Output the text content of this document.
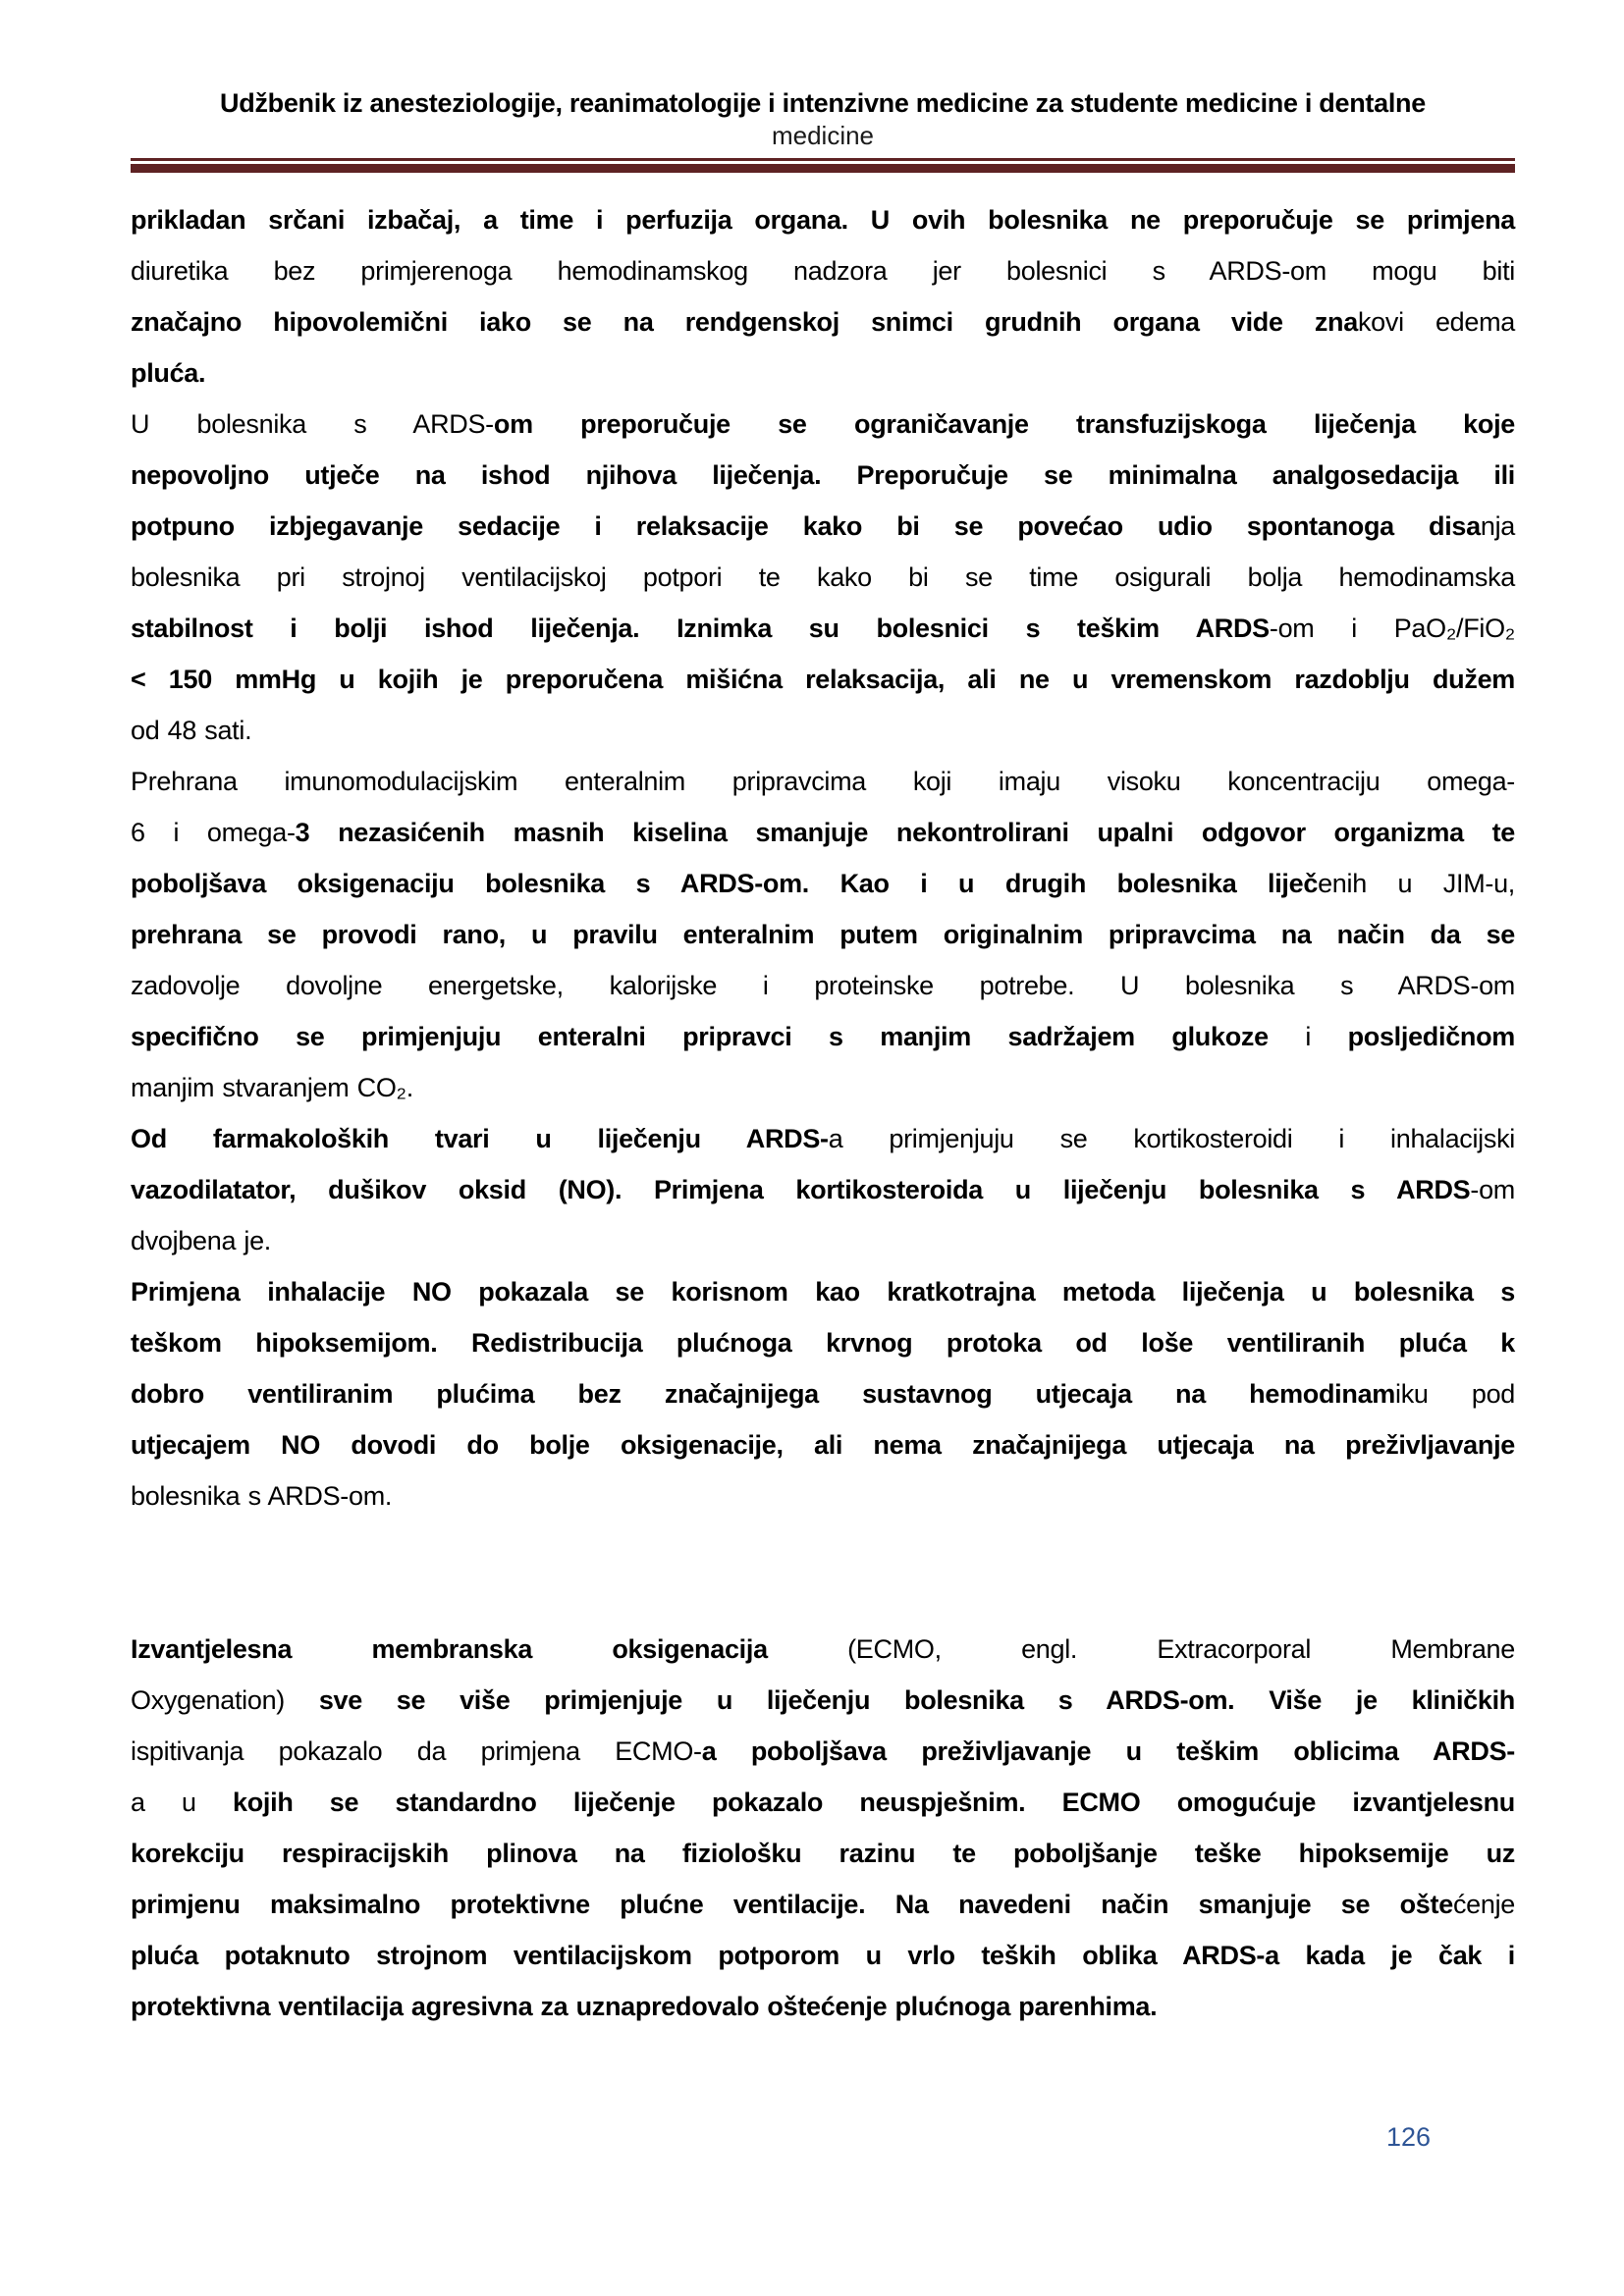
Udžbenik iz anesteziologije, reanimatologije i intenzivne medicine za studente medicine i dentalne
medicine
prikladan srčani izbačaj, a time i perfuzija organa. U ovih bolesnika ne preporučuje se primjena
diuretika bez primjerenoga hemodinamskog nadzora jer bolesnici s ARDS-om mogu biti
značajno hipovolemični iako se na rendgenskoj snimci grudnih organa vide znakovi edema
pluća.
U bolesnika s ARDS-om preporučuje se ograničavanje transfuzijskoga liječenja koje
nepovoljno utječe na ishod njihova liječenja. Preporučuje se minimalna analgosedacija ili
potpuno izbjegavanje sedacije i relaksacije kako bi se povećao udio spontanoga disanja
bolesnika pri strojnoj ventilacijskoj potpori te kako bi se time osigurali bolja hemodinamska
stabilnost i bolji ishod liječenja. Iznimka su bolesnici s teškim ARDS-om i PaO₂/FiO₂
< 150 mmHg u kojih je preporučena mišićna relaksacija, ali ne u vremenskom razdoblju dužem
od 48 sati.
Prehrana imunomodulacijskim enteralnim pripravcima koji imaju visoku koncentraciju omega-
6 i omega-3 nezasićenih masnih kiselina smanjuje nekontrolirani upalni odgovor organizma te
poboljšava oksigenaciju bolesnika s ARDS-om. Kao i u drugih bolesnika liječenih u JIM-u,
prehrana se provodi rano, u pravilu enteralnim putem originalnim pripravcima na način da se
zadovolje dovoljne energetske, kalorijske i proteinske potrebe. U bolesnika s ARDS-om
specifično se primjenjuju enteralni pripravci s manjim sadržajem glukoze i posljedičnom
manjim stvaranjem CO₂.
Od farmakoloških tvari u liječenju ARDS-a primjenjuju se kortikosteroidi i inhalacijski
vazodilatator, dušikov oksid (NO). Primjena kortikosteroida u liječenju bolesnika s ARDS-om
dvojbena je.
Primjena inhalacije NO pokazala se korisnom kao kratkotrajna metoda liječenja u bolesnika s
teškom hipoksemijom. Redistribucija plućnoga krvnog protoka od loše ventiliranih pluća k
dobro ventiliranim plućima bez značajnijega sustavnog utjecaja na hemodinamiku pod
utjecajem NO dovodi do bolje oksigenacije, ali nema značajnijega utjecaja na preživljavanje
bolesnika s ARDS-om.
Izvantjelesna membranska oksigenacija (ECMO, engl. Extracorporal Membrane
Oxygenation) sve se više primjenjuje u liječenju bolesnika s ARDS-om. Više je kliničkih
ispitivanja pokazalo da primjena ECMO-a poboljšava preživljavanje u teškim oblicima ARDS-
a u kojih se standardno liječenje pokazalo neuspješnim. ECMO omogućuje izvantjelesnu
korekciju respiracijskih plinova na fiziološku razinu te poboljšanje teške hipoksemije uz
primjenu maksimalno protektivne plućne ventilacije. Na navedeni način smanjuje se oštećenje
pluća potaknuto strojnom ventilacijskom potporom u vrlo teških oblika ARDS-a kada je čak i
protektivna ventilacija agresivna za uznapredovalo oštećenje plućnoga parenhima.
126
